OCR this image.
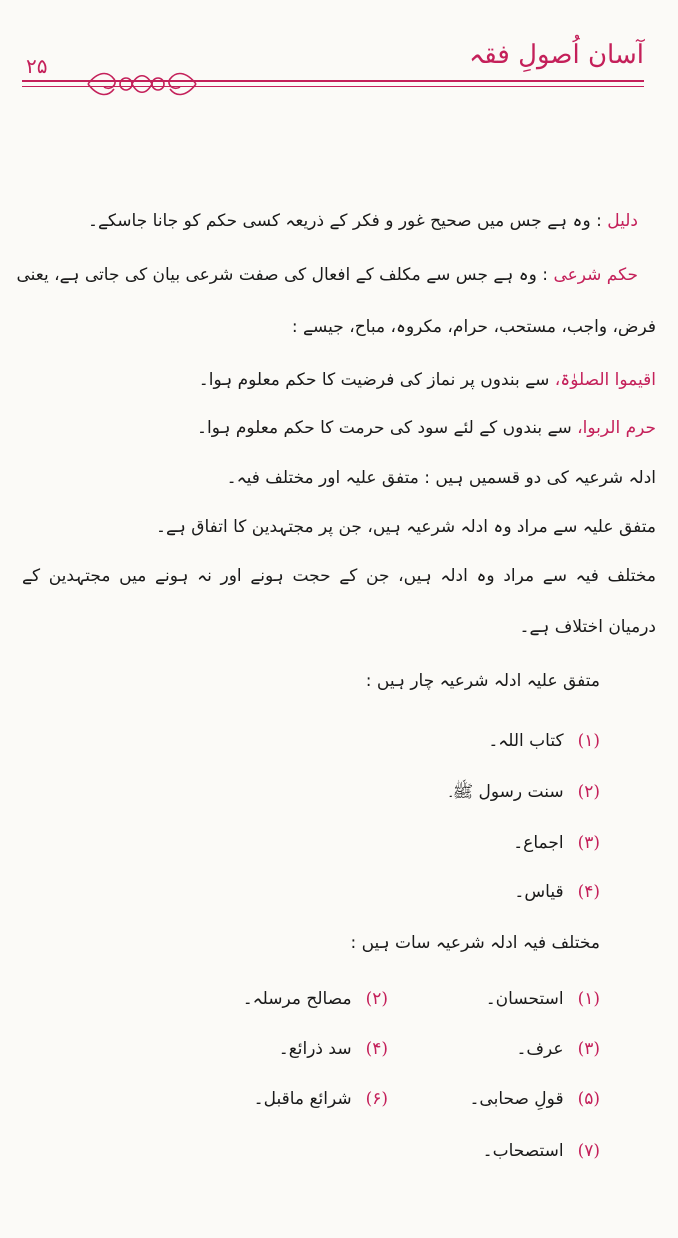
آسان اُصولِ فقہ
۲۵
دلیل : وہ ہے جس میں صحیح غور و فکر کے ذریعہ کسی حکم کو جانا جاسکے۔
حکم شرعی : وہ ہے جس سے مکلف کے افعال کی صفت شرعی بیان کی جاتی ہے، یعنی
فرض، واجب، مستحب، حرام، مکروہ، مباح، جیسے :
اقیموا الصلوٰۃ، سے بندوں پر نماز کی فرضیت کا حکم معلوم ہوا۔
حرم الربوا، سے بندوں کے لئے سود کی حرمت کا حکم معلوم ہوا۔
ادلہ شرعیہ کی دو قسمیں ہیں : متفق علیہ اور مختلف فیہ۔
متفق علیہ سے مراد وہ ادلہ شرعیہ ہیں، جن پر مجتہدین کا اتفاق ہے۔
مختلف فیہ سے مراد وہ ادلہ ہیں، جن کے حجت ہونے اور نہ ہونے میں مجتہدین کے
درمیان اختلاف ہے۔
متفق علیہ ادلہ شرعیہ چار ہیں :
(۱)کتاب اللہ۔
(۲)سنت رسول ﷺ۔
(۳)اجماع۔
(۴)قیاس۔
مختلف فیہ ادلہ شرعیہ سات ہیں :
(۱)استحسان۔
(۲)مصالح مرسلہ۔
(۳)عرف۔
(۴)سد ذرائع۔
(۵)قولِ صحابی۔
(۶)شرائع ماقبل۔
(۷)استصحاب۔
